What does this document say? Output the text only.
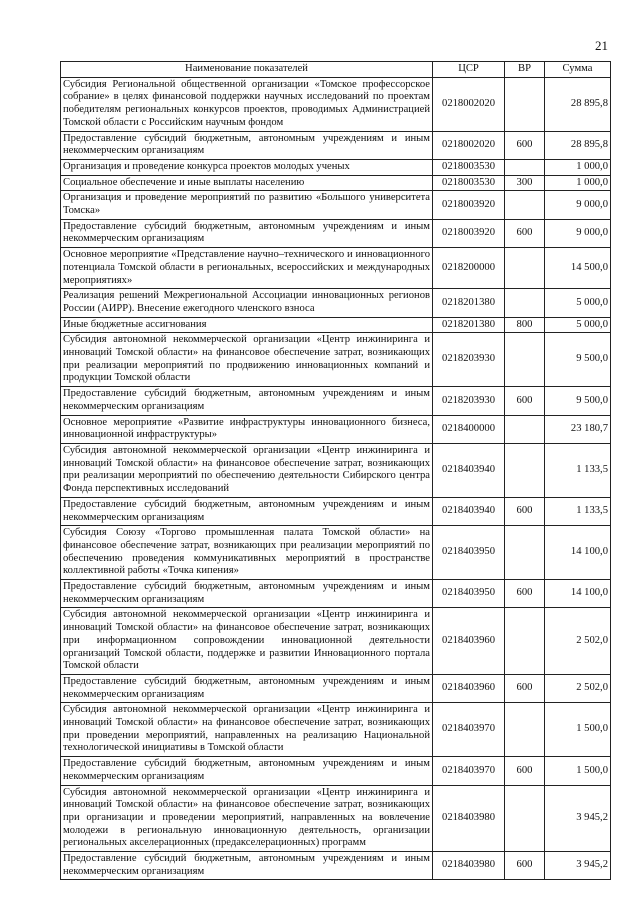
21
Наименование показателей	ЦСР	ВР	Сумма
Субсидия Региональной общественной организации «Томское профессорское собрание» в целях финансовой поддержки научных исследований по проектам победителям региональных конкурсов проектов, проводимых Администрацией Томской области с Российским научным фондом	0218002020		28 895,8
Предоставление субсидий бюджетным, автономным учреждениям и иным некоммерческим организациям	0218002020	600	28 895,8
Организация и проведение конкурса проектов молодых ученых	0218003530		1 000,0
Социальное обеспечение и иные выплаты населению	0218003530	300	1 000,0
Организация и проведение мероприятий по развитию «Большого университета Томска»	0218003920		9 000,0
Предоставление субсидий бюджетным, автономным учреждениям и иным некоммерческим организациям	0218003920	600	9 000,0
Основное мероприятие «Представление научно–технического и инновационного потенциала Томской области в региональных, всероссийских и международных мероприятиях»	0218200000		14 500,0
Реализация решений Межрегиональной Ассоциации инновационных регионов России (АИРР). Внесение ежегодного членского взноса	0218201380		5 000,0
Иные бюджетные ассигнования	0218201380	800	5 000,0
Субсидия автономной некоммерческой организации «Центр инжиниринга и инноваций Томской области» на финансовое обеспечение затрат, возникающих при реализации мероприятий по продвижению инновационных компаний и продукции Томской области	0218203930		9 500,0
Предоставление субсидий бюджетным, автономным учреждениям и иным некоммерческим организациям	0218203930	600	9 500,0
Основное мероприятие «Развитие инфраструктуры инновационного бизнеса, инновационной инфраструктуры»	0218400000		23 180,7
Субсидия автономной некоммерческой организации «Центр инжиниринга и инноваций Томской области» на финансовое обеспечение затрат, возникающих при реализации мероприятий по обеспечению деятельности Сибирского центра Фонда перспективных исследований	0218403940		1 133,5
Предоставление субсидий бюджетным, автономным учреждениям и иным некоммерческим организациям	0218403940	600	1 133,5
Субсидия Союзу «Торгово промышленная палата Томской области» на финансовое обеспечение затрат, возникающих при реализации мероприятий по обеспечению проведения коммуникативных мероприятий в пространстве коллективной работы «Точка кипения»	0218403950		14 100,0
Предоставление субсидий бюджетным, автономным учреждениям и иным некоммерческим организациям	0218403950	600	14 100,0
Субсидия автономной некоммерческой организации «Центр инжиниринга и инноваций Томской области» на финансовое обеспечение затрат, возникающих при информационном сопровождении инновационной деятельности организаций Томской области, поддержке и развитии Инновационного портала Томской области	0218403960		2 502,0
Предоставление субсидий бюджетным, автономным учреждениям и иным некоммерческим организациям	0218403960	600	2 502,0
Субсидия автономной некоммерческой организации «Центр инжиниринга и инноваций Томской области» на финансовое обеспечение затрат, возникающих при проведении мероприятий, направленных на реализацию Национальной технологической инициативы в Томской области	0218403970		1 500,0
Предоставление субсидий бюджетным, автономным учреждениям и иным некоммерческим организациям	0218403970	600	1 500,0
Субсидия автономной некоммерческой организации «Центр инжиниринга и инноваций Томской области» на финансовое обеспечение затрат, возникающих при организации и проведении мероприятий, направленных на вовлечение молодежи в региональную инновационную деятельность, организации региональных акселерационных (предакселерационных) программ	0218403980		3 945,2
Предоставление субсидий бюджетным, автономным учреждениям и иным некоммерческим организациям	0218403980	600	3 945,2
